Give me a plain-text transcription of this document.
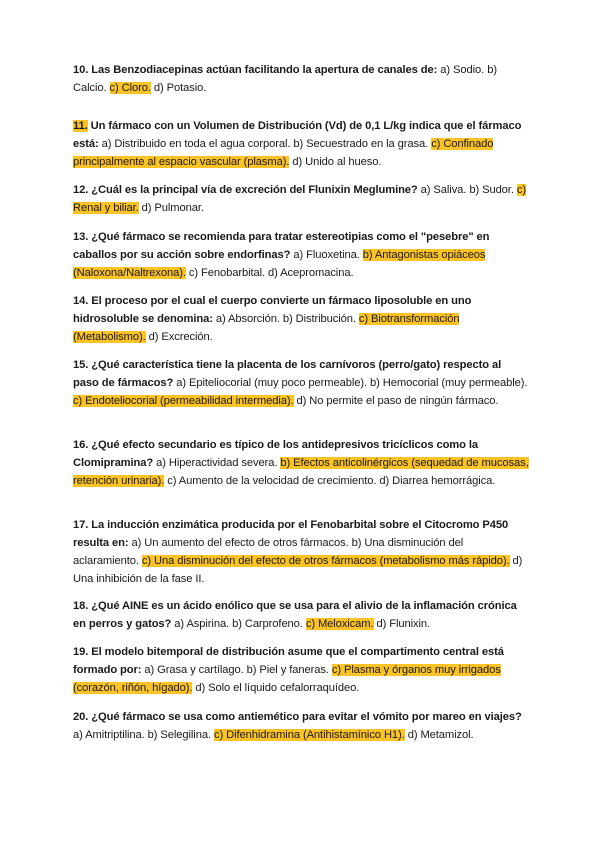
10. Las Benzodiacepinas actúan facilitando la apertura de canales de: a) Sodio. b) Calcio. c) Cloro. d) Potasio.

11. Un fármaco con un Volumen de Distribución (Vd) de 0,1 L/kg indica que el fármaco está: a) Distribuido en toda el agua corporal. b) Secuestrado en la grasa. c) Confinado principalmente al espacio vascular (plasma). d) Unido al hueso.

12. ¿Cuál es la principal vía de excreción del Flunixin Meglumine? a) Saliva. b) Sudor. c) Renal y biliar. d) Pulmonar.

13. ¿Qué fármaco se recomienda para tratar estereotipias como el "pesebre" en caballos por su acción sobre endorfinas? a) Fluoxetina. b) Antagonistas opiáceos (Naloxona/Naltrexona). c) Fenobarbital. d) Acepromacina.

14. El proceso por el cual el cuerpo convierte un fármaco liposoluble en uno hidrosoluble se denomina: a) Absorción. b) Distribución. c) Biotransformación (Metabolismo). d) Excreción.

15. ¿Qué característica tiene la placenta de los carnívoros (perro/gato) respecto al paso de fármacos? a) Epiteliocorial (muy poco permeable). b) Hemocorial (muy permeable). c) Endoteliocorial (permeabilidad intermedia). d) No permite el paso de ningún fármaco.

16. ¿Qué efecto secundario es típico de los antidepresivos tricíclicos como la Clomipramina? a) Hiperactividad severa. b) Efectos anticolinérgicos (sequedad de mucosas, retención urinaria). c) Aumento de la velocidad de crecimiento. d) Diarrea hemorrágica.

17. La inducción enzimática producida por el Fenobarbital sobre el Citocromo P450 resulta en: a) Un aumento del efecto de otros fármacos. b) Una disminución del aclaramiento. c) Una disminución del efecto de otros fármacos (metabolismo más rápido). d) Una inhibición de la fase II.

18. ¿Qué AINE es un ácido enólico que se usa para el alivio de la inflamación crónica en perros y gatos? a) Aspirina. b) Carprofeno. c) Meloxicam. d) Flunixin.

19. El modelo bitemporal de distribución asume que el compartimento central está formado por: a) Grasa y cartílago. b) Piel y faneras. c) Plasma y órganos muy irrigados (corazón, riñón, hígado). d) Solo el líquido cefalorraquídeo.

20. ¿Qué fármaco se usa como antiemético para evitar el vómito por mareo en viajes? a) Amitriptilina. b) Selegilina. c) Difenhidramina (Antihistamínico H1). d) Metamizol.
